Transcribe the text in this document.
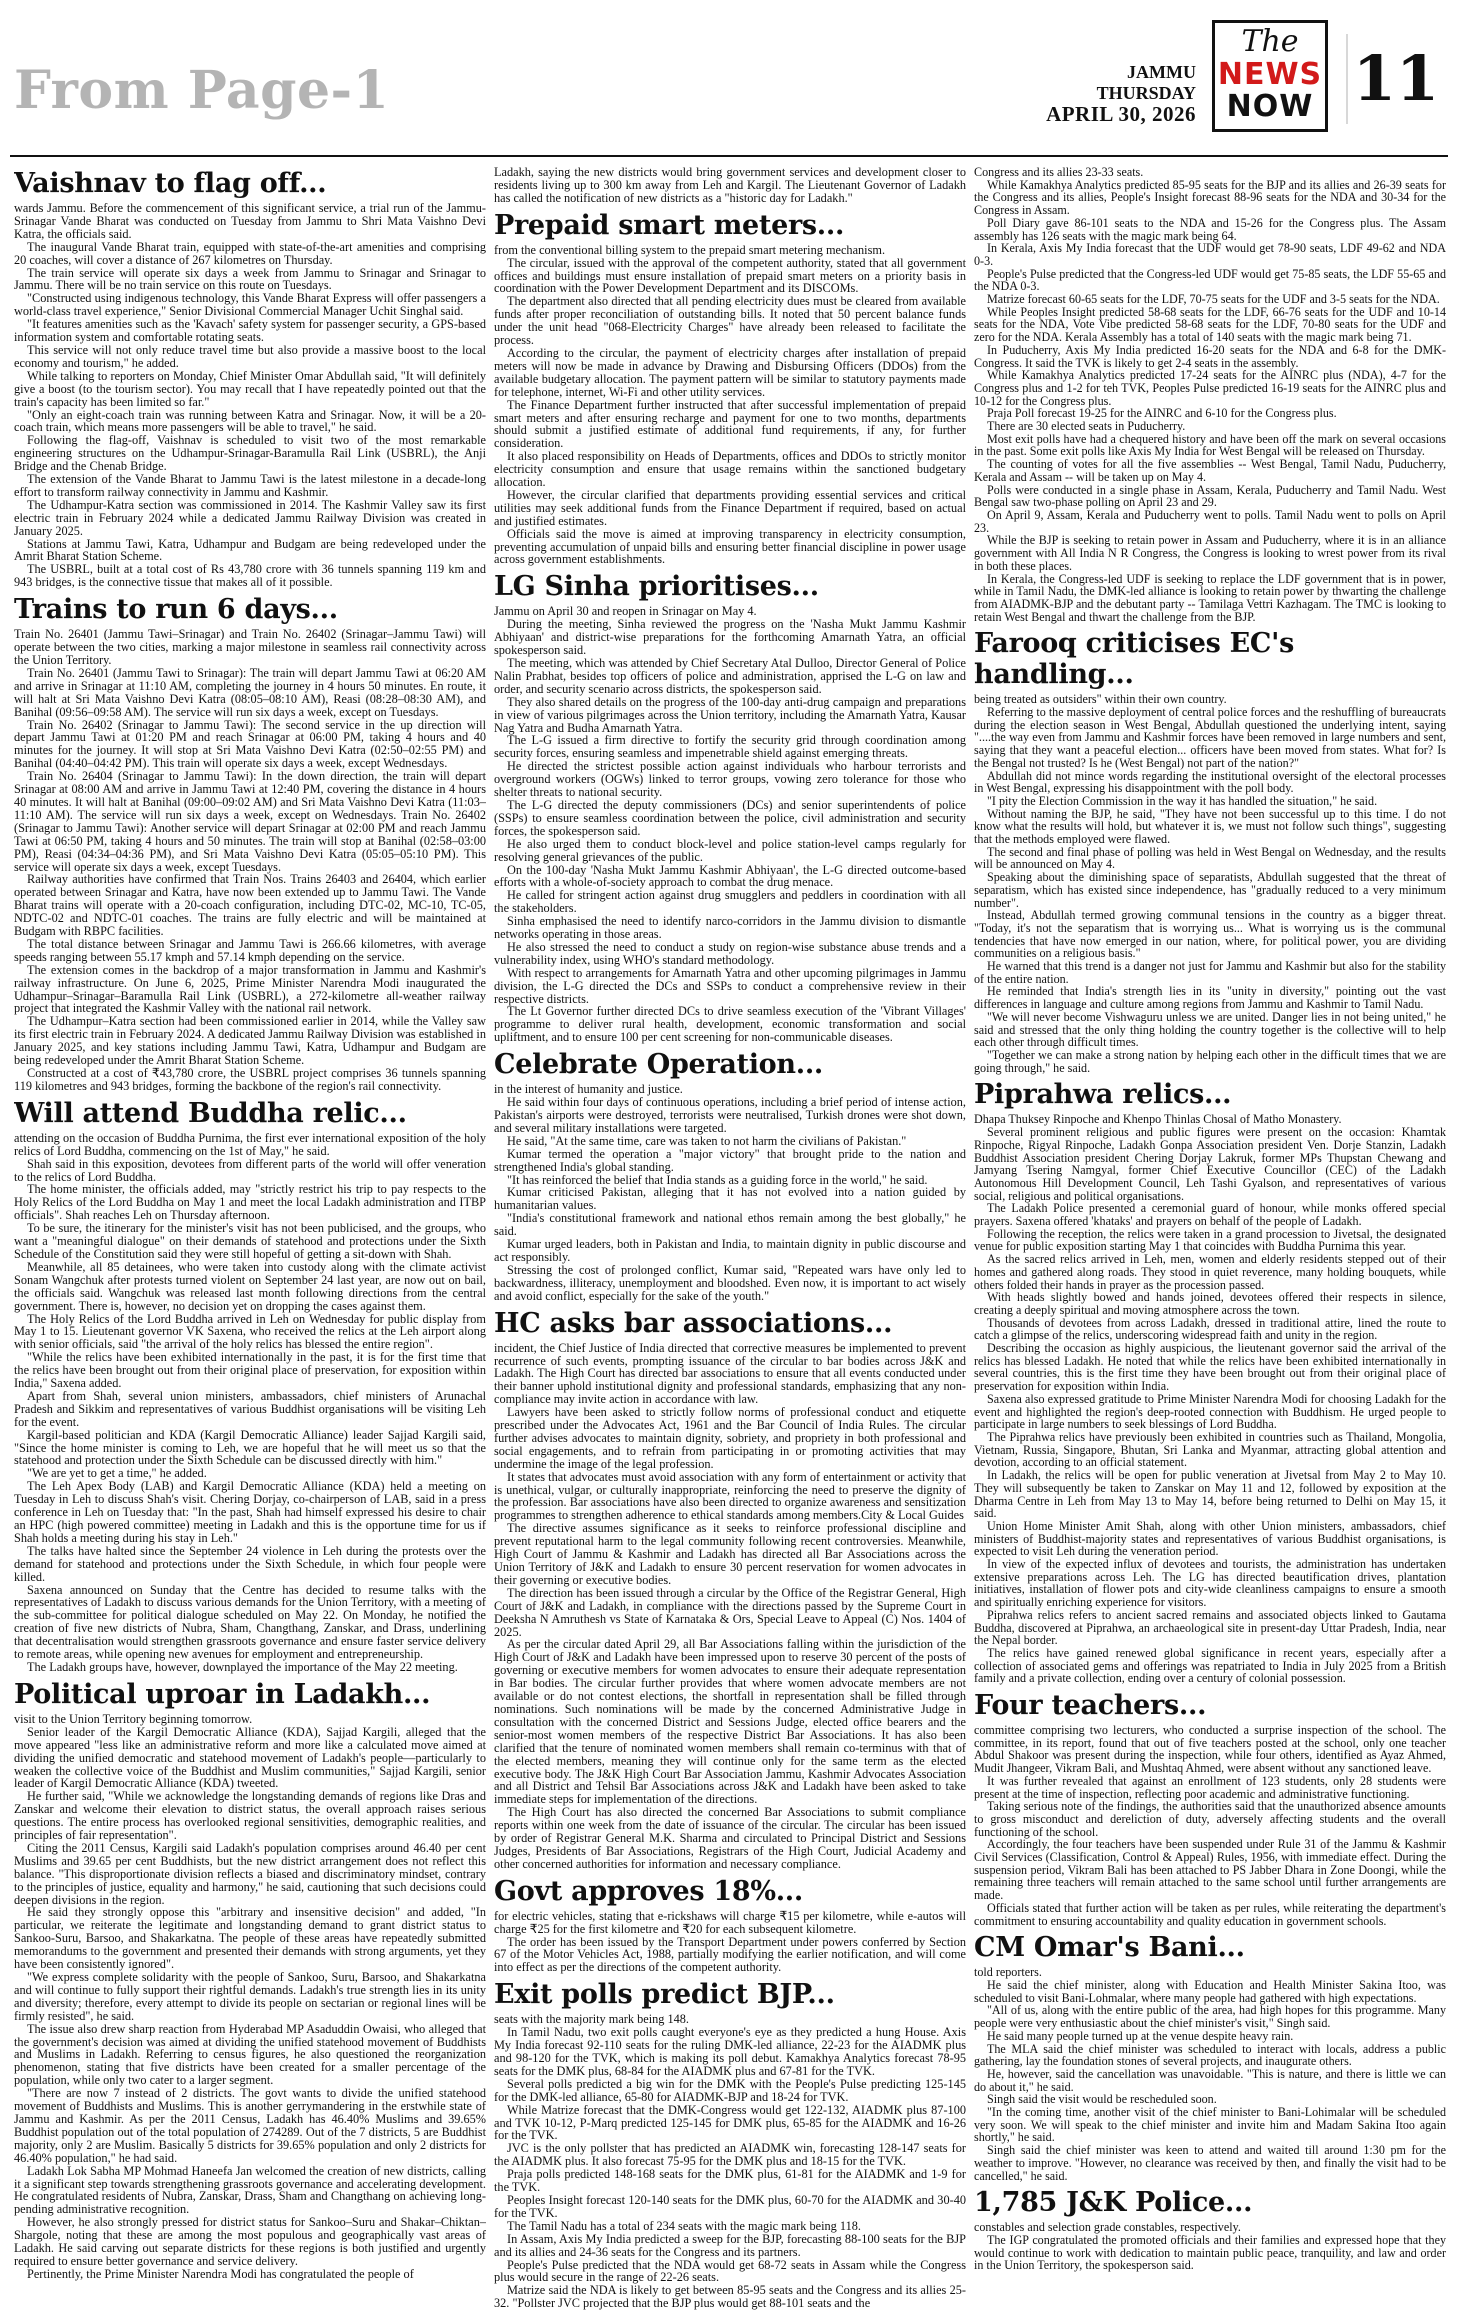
From Page-1	JAMMU
THURSDAY
APRIL 30, 2026
The
NEWS
NOW 11
Vaishnav to flag off...

wards Jammu. Before the commencement of this significant service, a trial run of the Jammu-Srinagar Vande Bharat was conducted on Tuesday from Jammu to Shri Mata Vaishno Devi Katra, the officials said.

The inaugural Vande Bharat train, equipped with state-of-the-art amenities and comprising 20 coaches, will cover a distance of 267 kilometres on Thursday.

The train service will operate six days a week from Jammu to Srinagar and Srinagar to Jammu. There will be no train service on this route on Tuesdays.

"Constructed using indigenous technology, this Vande Bharat Express will offer passengers a world-class travel experience," Senior Divisional Commercial Manager Uchit Singhal said.

"It features amenities such as the 'Kavach' safety system for passenger security, a GPS-based information system and comfortable rotating seats.

This service will not only reduce travel time but also provide a massive boost to the local economy and tourism," he added.

While talking to reporters on Monday, Chief Minister Omar Abdullah said, "It will definitely give a boost (to the tourism sector). You may recall that I have repeatedly pointed out that the train's capacity has been limited so far."

"Only an eight-coach train was running between Katra and Srinagar. Now, it will be a 20-coach train, which means more passengers will be able to travel," he said.

Following the flag-off, Vaishnav is scheduled to visit two of the most remarkable engineering structures on the Udhampur-Srinagar-Baramulla Rail Link (USBRL), the Anji Bridge and the Chenab Bridge.

The extension of the Vande Bharat to Jammu Tawi is the latest milestone in a decade-long effort to transform railway connectivity in Jammu and Kashmir.

The Udhampur-Katra section was commissioned in 2014. The Kashmir Valley saw its first electric train in February 2024 while a dedicated Jammu Railway Division was created in January 2025.

Stations at Jammu Tawi, Katra, Udhampur and Budgam are being redeveloped under the Amrit Bharat Station Scheme.

The USBRL, built at a total cost of Rs 43,780 crore with 36 tunnels spanning 119 km and 943 bridges, is the connective tissue that makes all of it possible.

Trains to run 6 days...

Train No. 26401 (Jammu Tawi–Srinagar) and Train No. 26402 (Srinagar–Jammu Tawi) will operate between the two cities, marking a major milestone in seamless rail connectivity across the Union Territory.

Train No. 26401 (Jammu Tawi to Srinagar): The train will depart Jammu Tawi at 06:20 AM and arrive in Srinagar at 11:10 AM, completing the journey in 4 hours 50 minutes. En route, it will halt at Sri Mata Vaishno Devi Katra (08:05–08:10 AM), Reasi (08:28–08:30 AM), and Banihal (09:56–09:58 AM). The service will run six days a week, except on Tuesdays.

Train No. 26402 (Srinagar to Jammu Tawi): The second service in the up direction will depart Jammu Tawi at 01:20 PM and reach Srinagar at 06:00 PM, taking 4 hours and 40 minutes for the journey. It will stop at Sri Mata Vaishno Devi Katra (02:50–02:55 PM) and Banihal (04:40–04:42 PM). This train will operate six days a week, except Wednesdays.

Train No. 26404 (Srinagar to Jammu Tawi): In the down direction, the train will depart Srinagar at 08:00 AM and arrive in Jammu Tawi at 12:40 PM, covering the distance in 4 hours 40 minutes. It will halt at Banihal (09:00–09:02 AM) and Sri Mata Vaishno Devi Katra (11:03–11:10 AM). The service will run six days a week, except on Wednesdays. Train No. 26402 (Srinagar to Jammu Tawi): Another service will depart Srinagar at 02:00 PM and reach Jammu Tawi at 06:50 PM, taking 4 hours and 50 minutes. The train will stop at Banihal (02:58–03:00 PM), Reasi (04:34–04:36 PM), and Sri Mata Vaishno Devi Katra (05:05–05:10 PM). This service will operate six days a week, except Tuesdays.

Railway authorities have confirmed that Train Nos. Trains 26403 and 26404, which earlier operated between Srinagar and Katra, have now been extended up to Jammu Tawi. The Vande Bharat trains will operate with a 20-coach configuration, including DTC-02, MC-10, TC-05, NDTC-02 and NDTC-01 coaches. The trains are fully electric and will be maintained at Budgam with RBPC facilities.

The total distance between Srinagar and Jammu Tawi is 266.66 kilometres, with average speeds ranging between 55.17 kmph and 57.14 kmph depending on the service.

The extension comes in the backdrop of a major transformation in Jammu and Kashmir's railway infrastructure. On June 6, 2025, Prime Minister Narendra Modi inaugurated the Udhampur–Srinagar–Baramulla Rail Link (USBRL), a 272-kilometre all-weather railway project that integrated the Kashmir Valley with the national rail network.

The Udhampur–Katra section had been commissioned earlier in 2014, while the Valley saw its first electric train in February 2024. A dedicated Jammu Railway Division was established in January 2025, and key stations including Jammu Tawi, Katra, Udhampur and Budgam are being redeveloped under the Amrit Bharat Station Scheme.

Constructed at a cost of ₹43,780 crore, the USBRL project comprises 36 tunnels spanning 119 kilometres and 943 bridges, forming the backbone of the region's rail connectivity.

Will attend Buddha relic...

attending on the occasion of Buddha Purnima, the first ever international exposition of the holy relics of Lord Buddha, commencing on the 1st of May," he said.

Shah said in this exposition, devotees from different parts of the world will offer veneration to the relics of Lord Buddha.

The home minister, the officials added, may "strictly restrict his trip to pay respects to the Holy Relics of the Lord Buddha on May 1 and meet the local Ladakh administration and ITBP officials". Shah reaches Leh on Thursday afternoon.

To be sure, the itinerary for the minister's visit has not been publicised, and the groups, who want a "meaningful dialogue" on their demands of statehood and protections under the Sixth Schedule of the Constitution said they were still hopeful of getting a sit-down with Shah.

Meanwhile, all 85 detainees, who were taken into custody along with the climate activist Sonam Wangchuk after protests turned violent on September 24 last year, are now out on bail, the officials said. Wangchuk was released last month following directions from the central government. There is, however, no decision yet on dropping the cases against them.

The Holy Relics of the Lord Buddha arrived in Leh on Wednesday for public display from May 1 to 15. Lieutenant governor VK Saxena, who received the relics at the Leh airport along with senior officials, said "the arrival of the holy relics has blessed the entire region".

"While the relics have been exhibited internationally in the past, it is for the first time that the relics have been brought out from their original place of preservation, for exposition within India," Saxena added.

Apart from Shah, several union ministers, ambassadors, chief ministers of Arunachal Pradesh and Sikkim and representatives of various Buddhist organisations will be visiting Leh for the event.

Kargil-based politician and KDA (Kargil Democratic Alliance) leader Sajjad Kargili said, "Since the home minister is coming to Leh, we are hopeful that he will meet us so that the statehood and protection under the Sixth Schedule can be discussed directly with him."

"We are yet to get a time," he added.

The Leh Apex Body (LAB) and Kargil Democratic Alliance (KDA) held a meeting on Tuesday in Leh to discuss Shah's visit. Chering Dorjay, co-chairperson of LAB, said in a press conference in Leh on Tuesday that: "In the past, Shah had himself expressed his desire to chair an HPC (high powered committee) meeting in Ladakh and this is the opportune time for us if Shah holds a meeting during his stay in Leh."

The talks have halted since the September 24 violence in Leh during the protests over the demand for statehood and protections under the Sixth Schedule, in which four people were killed.

Saxena announced on Sunday that the Centre has decided to resume talks with the representatives of Ladakh to discuss various demands for the Union Territory, with a meeting of the sub-committee for political dialogue scheduled on May 22. On Monday, he notified the creation of five new districts of Nubra, Sham, Changthang, Zanskar, and Drass, underlining that decentralisation would strengthen grassroots governance and ensure faster service delivery to remote areas, while opening new avenues for employment and entrepreneurship.

The Ladakh groups have, however, downplayed the importance of the May 22 meeting.

Political uproar in Ladakh...

visit to the Union Territory beginning tomorrow.

Senior leader of the Kargil Democratic Alliance (KDA), Sajjad Kargili, alleged that the move appeared "less like an administrative reform and more like a calculated move aimed at dividing the unified democratic and statehood movement of Ladakh's people—particularly to weaken the collective voice of the Buddhist and Muslim communities," Sajjad Kargili, senior leader of Kargil Democratic Alliance (KDA) tweeted.

He further said, "While we acknowledge the longstanding demands of regions like Dras and Zanskar and welcome their elevation to district status, the overall approach raises serious questions. The entire process has overlooked regional sensitivities, demographic realities, and principles of fair representation".

Citing the 2011 Census, Kargili said Ladakh's population comprises around 46.40 per cent Muslims and 39.65 per cent Buddhists, but the new district arrangement does not reflect this balance. "This disproportionate division reflects a biased and discriminatory mindset, contrary to the principles of justice, equality and harmony," he said, cautioning that such decisions could deepen divisions in the region.

He said they strongly oppose this "arbitrary and insensitive decision" and added, "In particular, we reiterate the legitimate and longstanding demand to grant district status to Sankoo-Suru, Barsoo, and Shakarkatna. The people of these areas have repeatedly submitted memorandums to the government and presented their demands with strong arguments, yet they have been consistently ignored".

"We express complete solidarity with the people of Sankoo, Suru, Barsoo, and Shakarkatna and will continue to fully support their rightful demands. Ladakh's true strength lies in its unity and diversity; therefore, every attempt to divide its people on sectarian or regional lines will be firmly resisted", he said.

The issue also drew sharp reaction from Hyderabad MP Asaduddin Owaisi, who alleged that the government's decision was aimed at dividing the unified statehood movement of Buddhists and Muslims in Ladakh. Referring to census figures, he also questioned the reorganization phenomenon, stating that five districts have been created for a smaller percentage of the population, while only two cater to a larger segment.

"There are now 7 instead of 2 districts. The govt wants to divide the unified statehood movement of Buddhists and Muslims. This is another gerrymandering in the erstwhile state of Jammu and Kashmir. As per the 2011 Census, Ladakh has 46.40% Muslims and 39.65% Buddhist population out of the total population of 274289. Out of the 7 districts, 5 are Buddhist majority, only 2 are Muslim. Basically 5 districts for 39.65% population and only 2 districts for 46.40% population," he had said.

Ladakh Lok Sabha MP Mohmad Haneefa Jan welcomed the creation of new districts, calling it a significant step towards strengthening grassroots governance and accelerating development. He congratulated residents of Nubra, Zanskar, Drass, Sham and Changthang on achieving long-pending administrative recognition.

However, he also strongly pressed for district status for Sankoo–Suru and Shakar–Chiktan–Shargole, noting that these are among the most populous and geographically vast areas of Ladakh. He said carving out separate districts for these regions is both justified and urgently required to ensure better governance and service delivery.

Pertinently, the Prime Minister Narendra Modi has congratulated the people of

Ladakh, saying the new districts would bring government services and development closer to residents living up to 300 km away from Leh and Kargil. The Lieutenant Governor of Ladakh has called the notification of new districts as a "historic day for Ladakh."

Prepaid smart meters...

from the conventional billing system to the prepaid smart metering mechanism.

The circular, issued with the approval of the competent authority, stated that all government offices and buildings must ensure installation of prepaid smart meters on a priority basis in coordination with the Power Development Department and its DISCOMs.

The department also directed that all pending electricity dues must be cleared from available funds after proper reconciliation of outstanding bills. It noted that 50 percent balance funds under the unit head "068-Electricity Charges" have already been released to facilitate the process.

According to the circular, the payment of electricity charges after installation of prepaid meters will now be made in advance by Drawing and Disbursing Officers (DDOs) from the available budgetary allocation. The payment pattern will be similar to statutory payments made for telephone, internet, Wi-Fi and other utility services.

The Finance Department further instructed that after successful implementation of prepaid smart meters and after ensuring recharge and payment for one to two months, departments should submit a justified estimate of additional fund requirements, if any, for further consideration.

It also placed responsibility on Heads of Departments, offices and DDOs to strictly monitor electricity consumption and ensure that usage remains within the sanctioned budgetary allocation.

However, the circular clarified that departments providing essential services and critical utilities may seek additional funds from the Finance Department if required, based on actual and justified estimates.

Officials said the move is aimed at improving transparency in electricity consumption, preventing accumulation of unpaid bills and ensuring better financial discipline in power usage across government establishments.

LG Sinha prioritises...

Jammu on April 30 and reopen in Srinagar on May 4.

During the meeting, Sinha reviewed the progress on the 'Nasha Mukt Jammu Kashmir Abhiyaan' and district-wise preparations for the forthcoming Amarnath Yatra, an official spokesperson said.

The meeting, which was attended by Chief Secretary Atal Dulloo, Director General of Police Nalin Prabhat, besides top officers of police and administration, apprised the L-G on law and order, and security scenario across districts, the spokesperson said.

They also shared details on the progress of the 100-day anti-drug campaign and preparations in view of various pilgrimages across the Union territory, including the Amarnath Yatra, Kausar Nag Yatra and Budha Amarnath Yatra.

The L-G issued a firm directive to fortify the security grid through coordination among security forces, ensuring seamless and impenetrable shield against emerging threats.

He directed the strictest possible action against individuals who harbour terrorists and overground workers (OGWs) linked to terror groups, vowing zero tolerance for those who shelter threats to national security.

The L-G directed the deputy commissioners (DCs) and senior superintendents of police (SSPs) to ensure seamless coordination between the police, civil administration and security forces, the spokesperson said.

He also urged them to conduct block-level and police station-level camps regularly for resolving general grievances of the public.

On the 100-day 'Nasha Mukt Jammu Kashmir Abhiyaan', the L-G directed outcome-based efforts with a whole-of-society approach to combat the drug menace.

He called for stringent action against drug smugglers and peddlers in coordination with all the stakeholders.

Sinha emphasised the need to identify narco-corridors in the Jammu division to dismantle networks operating in those areas.

He also stressed the need to conduct a study on region-wise substance abuse trends and a vulnerability index, using WHO's standard methodology.

With respect to arrangements for Amarnath Yatra and other upcoming pilgrimages in Jammu division, the L-G directed the DCs and SSPs to conduct a comprehensive review in their respective districts.

The Lt Governor further directed DCs to drive seamless execution of the 'Vibrant Villages' programme to deliver rural health, development, economic transformation and social upliftment, and to ensure 100 per cent screening for non-communicable diseases.

Celebrate Operation...

in the interest of humanity and justice.

He said within four days of continuous operations, including a brief period of intense action, Pakistan's airports were destroyed, terrorists were neutralised, Turkish drones were shot down, and several military installations were targeted.

He said, "At the same time, care was taken to not harm the civilians of Pakistan."

Kumar termed the operation a "major victory" that brought pride to the nation and strengthened India's global standing.

"It has reinforced the belief that India stands as a guiding force in the world," he said.

Kumar criticised Pakistan, alleging that it has not evolved into a nation guided by humanitarian values.

"India's constitutional framework and national ethos remain among the best globally," he said.

Kumar urged leaders, both in Pakistan and India, to maintain dignity in public discourse and act responsibly.

Stressing the cost of prolonged conflict, Kumar said, "Repeated wars have only led to backwardness, illiteracy, unemployment and bloodshed. Even now, it is important to act wisely and avoid conflict, especially for the sake of the youth."

HC asks bar associations...

incident, the Chief Justice of India directed that corrective measures be implemented to prevent recurrence of such events, prompting issuance of the circular to bar bodies across J&K and Ladakh. The High Court has directed bar associations to ensure that all events conducted under their banner uphold institutional dignity and professional standards, emphasizing that any non-compliance may invite action in accordance with law.

Lawyers have been asked to strictly follow norms of professional conduct and etiquette prescribed under the Advocates Act, 1961 and the Bar Council of India Rules. The circular further advises advocates to maintain dignity, sobriety, and propriety in both professional and social engagements, and to refrain from participating in or promoting activities that may undermine the image of the legal profession.

It states that advocates must avoid association with any form of entertainment or activity that is unethical, vulgar, or culturally inappropriate, reinforcing the need to preserve the dignity of the profession. Bar associations have also been directed to organize awareness and sensitization programmes to strengthen adherence to ethical standards among members.City & Local Guides

The directive assumes significance as it seeks to reinforce professional discipline and prevent reputational harm to the legal community following recent controversies. Meanwhile, High Court of Jammu & Kashmir and Ladakh has directed all Bar Associations across the Union Territory of J&K and Ladakh to ensure 30 percent reservation for women advocates in their governing or executive bodies.

The direction has been issued through a circular by the Office of the Registrar General, High Court of J&K and Ladakh, in compliance with the directions passed by the Supreme Court in Deeksha N Amruthesh vs State of Karnataka & Ors, Special Leave to Appeal (C) Nos. 1404 of 2025.

As per the circular dated April 29, all Bar Associations falling within the jurisdiction of the High Court of J&K and Ladakh have been impressed upon to reserve 30 percent of the posts of governing or executive members for women advocates to ensure their adequate representation in Bar bodies. The circular further provides that where women advocate members are not available or do not contest elections, the shortfall in representation shall be filled through nominations. Such nominations will be made by the concerned Administrative Judge in consultation with the concerned District and Sessions Judge, elected office bearers and the senior-most women members of the respective District Bar Associations. It has also been clarified that the tenure of nominated women members shall remain co-terminus with that of the elected members, meaning they will continue only for the same term as the elected executive body. The J&K High Court Bar Association Jammu, Kashmir Advocates Association and all District and Tehsil Bar Associations across J&K and Ladakh have been asked to take immediate steps for implementation of the directions.

The High Court has also directed the concerned Bar Associations to submit compliance reports within one week from the date of issuance of the circular. The circular has been issued by order of Registrar General M.K. Sharma and circulated to Principal District and Sessions Judges, Presidents of Bar Associations, Registrars of the High Court, Judicial Academy and other concerned authorities for information and necessary compliance.

Govt approves 18%...

for electric vehicles, stating that e-rickshaws will charge ₹15 per kilometre, while e-autos will charge ₹25 for the first kilometre and ₹20 for each subsequent kilometre.

The order has been issued by the Transport Department under powers conferred by Section 67 of the Motor Vehicles Act, 1988, partially modifying the earlier notification, and will come into effect as per the directions of the competent authority.

Exit polls predict BJP...

seats with the majority mark being 148.

In Tamil Nadu, two exit polls caught everyone's eye as they predicted a hung House. Axis My India forecast 92-110 seats for the ruling DMK-led alliance, 22-23 for the AIADMK plus and 98-120 for the TVK, which is making its poll debut. Kamakhya Analytics forecast 78-95 seats for the DMK plus, 68-84 for the AIADMK plus and 67-81 for the TVK.

Several polls predicted a big win for the DMK with the People's Pulse predicting 125-145 for the DMK-led alliance, 65-80 for AIADMK-BJP and 18-24 for TVK.

While Matrize forecast that the DMK-Congress would get 122-132, AIADMK plus 87-100 and TVK 10-12, P-Marq predicted 125-145 for DMK plus, 65-85 for the AIADMK and 16-26 for the TVK.

JVC is the only pollster that has predicted an AIADMK win, forecasting 128-147 seats for the AIADMK plus. It also forecast 75-95 for the DMK plus and 18-15 for the TVK.

Praja polls predicted 148-168 seats for the DMK plus, 61-81 for the AIADMK and 1-9 for the TVK.

Peoples Insight forecast 120-140 seats for the DMK plus, 60-70 for the AIADMK and 30-40 for the TVK.

The Tamil Nadu has a total of 234 seats with the magic mark being 118.

In Assam, Axis My India predicted a sweep for the BJP, forecasting 88-100 seats for the BJP and its allies and 24-36 seats for the Congress and its partners.

People's Pulse predicted that the NDA would get 68-72 seats in Assam while the Congress plus would secure in the range of 22-26 seats.

Matrize said the NDA is likely to get between 85-95 seats and the Congress and its allies 25-32. "Pollster JVC projected that the BJP plus would get 88-101 seats and the

Congress and its allies 23-33 seats.

While Kamakhya Analytics predicted 85-95 seats for the BJP and its allies and 26-39 seats for the Congress and its allies, People's Insight forecast 88-96 seats for the NDA and 30-34 for the Congress in Assam.

Poll Diary gave 86-101 seats to the NDA and 15-26 for the Congress plus. The Assam assembly has 126 seats with the magic mark being 64.

In Kerala, Axis My India forecast that the UDF would get 78-90 seats, LDF 49-62 and NDA 0-3.

People's Pulse predicted that the Congress-led UDF would get 75-85 seats, the LDF 55-65 and the NDA 0-3.

Matrize forecast 60-65 seats for the LDF, 70-75 seats for the UDF and 3-5 seats for the NDA.

While Peoples Insight predicted 58-68 seats for the LDF, 66-76 seats for the UDF and 10-14 seats for the NDA, Vote Vibe predicted 58-68 seats for the LDF, 70-80 seats for the UDF and zero for the NDA. Kerala Assembly has a total of 140 seats with the magic mark being 71.

In Puducherry, Axis My India predicted 16-20 seats for the NDA and 6-8 for the DMK-Congress. It said the TVK is likely to get 2-4 seats in the assembly.

While Kamakhya Analytics predicted 17-24 seats for the AINRC plus (NDA), 4-7 for the Congress plus and 1-2 for teh TVK, Peoples Pulse predicted 16-19 seats for the AINRC plus and 10-12 for the Congress plus.

Praja Poll forecast 19-25 for the AINRC and 6-10 for the Congress plus.

There are 30 elected seats in Puducherry.

Most exit polls have had a chequered history and have been off the mark on several occasions in the past. Some exit polls like Axis My India for West Bengal will be released on Thursday.

The counting of votes for all the five assemblies -- West Bengal, Tamil Nadu, Puducherry, Kerala and Assam -- will be taken up on May 4.

Polls were conducted in a single phase in Assam, Kerala, Puducherry and Tamil Nadu. West Bengal saw two-phase polling on April 23 and 29.

On April 9, Assam, Kerala and Puducherry went to polls. Tamil Nadu went to polls on April 23.

While the BJP is seeking to retain power in Assam and Puducherry, where it is in an alliance government with All India N R Congress, the Congress is looking to wrest power from its rival in both these places.

In Kerala, the Congress-led UDF is seeking to replace the LDF government that is in power, while in Tamil Nadu, the DMK-led alliance is looking to retain power by thwarting the challenge from AIADMK-BJP and the debutant party -- Tamilaga Vettri Kazhagam. The TMC is looking to retain West Bengal and thwart the challenge from the BJP.

Farooq criticises EC's handling...

being treated as outsiders" within their own country.

Referring to the massive deployment of central police forces and the reshuffling of bureaucrats during the election season in West Bengal, Abdullah questioned the underlying intent, saying "....the way even from Jammu and Kashmir forces have been removed in large numbers and sent, saying that they want a peaceful election... officers have been moved from states. What for? Is the Bengal not trusted? Is he (West Bengal) not part of the nation?"

Abdullah did not mince words regarding the institutional oversight of the electoral processes in West Bengal, expressing his disappointment with the poll body.

"I pity the Election Commission in the way it has handled the situation," he said.

Without naming the BJP, he said, "They have not been successful up to this time. I do not know what the results will hold, but whatever it is, we must not follow such things", suggesting that the methods employed were flawed.

The second and final phase of polling was held in West Bengal on Wednesday, and the results will be announced on May 4.

Speaking about the diminishing space of separatists, Abdullah suggested that the threat of separatism, which has existed since independence, has "gradually reduced to a very minimum number".

Instead, Abdullah termed growing communal tensions in the country as a bigger threat. "Today, it's not the separatism that is worrying us... What is worrying us is the communal tendencies that have now emerged in our nation, where, for political power, you are dividing communities on a religious basis."

He warned that this trend is a danger not just for Jammu and Kashmir but also for the stability of the entire nation.

He reminded that India's strength lies in its "unity in diversity," pointing out the vast differences in language and culture among regions from Jammu and Kashmir to Tamil Nadu.

"We will never become Vishwaguru unless we are united. Danger lies in not being united," he said and stressed that the only thing holding the country together is the collective will to help each other through difficult times.

"Together we can make a strong nation by helping each other in the difficult times that we are going through," he said.

Piprahwa relics...

Dhapa Thuksey Rinpoche and Khenpo Thinlas Chosal of Matho Monastery.

Several prominent religious and public figures were present on the occasion: Khamtak Rinpoche, Rigyal Rinpoche, Ladakh Gonpa Association president Ven. Dorje Stanzin, Ladakh Buddhist Association president Chering Dorjay Lakruk, former MPs Thupstan Chewang and Jamyang Tsering Namgyal, former Chief Executive Councillor (CEC) of the Ladakh Autonomous Hill Development Council, Leh Tashi Gyalson, and representatives of various social, religious and political organisations.

The Ladakh Police presented a ceremonial guard of honour, while monks offered special prayers. Saxena offered 'khataks' and prayers on behalf of the people of Ladakh.

Following the reception, the relics were taken in a grand procession to Jivetsal, the designated venue for public exposition starting May 1 that coincides with Buddha Purnima this year.

As the sacred relics arrived in Leh, men, women and elderly residents stepped out of their homes and gathered along roads. They stood in quiet reverence, many holding bouquets, while others folded their hands in prayer as the procession passed.

With heads slightly bowed and hands joined, devotees offered their respects in silence, creating a deeply spiritual and moving atmosphere across the town.

Thousands of devotees from across Ladakh, dressed in traditional attire, lined the route to catch a glimpse of the relics, underscoring widespread faith and unity in the region.

Describing the occasion as highly auspicious, the lieutenant governor said the arrival of the relics has blessed Ladakh. He noted that while the relics have been exhibited internationally in several countries, this is the first time they have been brought out from their original place of preservation for exposition within India.

Saxena also expressed gratitude to Prime Minister Narendra Modi for choosing Ladakh for the event and highlighted the region's deep-rooted connection with Buddhism. He urged people to participate in large numbers to seek blessings of Lord Buddha.

The Piprahwa relics have previously been exhibited in countries such as Thailand, Mongolia, Vietnam, Russia, Singapore, Bhutan, Sri Lanka and Myanmar, attracting global attention and devotion, according to an official statement.

In Ladakh, the relics will be open for public veneration at Jivetsal from May 2 to May 10. They will subsequently be taken to Zanskar on May 11 and 12, followed by exposition at the Dharma Centre in Leh from May 13 to May 14, before being returned to Delhi on May 15, it said.

Union Home Minister Amit Shah, along with other Union ministers, ambassadors, chief ministers of Buddhist-majority states and representatives of various Buddhist organisations, is expected to visit Leh during the veneration period.

In view of the expected influx of devotees and tourists, the administration has undertaken extensive preparations across Leh. The LG has directed beautification drives, plantation initiatives, installation of flower pots and city-wide cleanliness campaigns to ensure a smooth and spiritually enriching experience for visitors.

Piprahwa relics refers to ancient sacred remains and associated objects linked to Gautama Buddha, discovered at Piprahwa, an archaeological site in present-day Uttar Pradesh, India, near the Nepal border.

The relics have gained renewed global significance in recent years, especially after a collection of associated gems and offerings was repatriated to India in July 2025 from a British family and a private collection, ending over a century of colonial possession.

Four teachers...

committee comprising two lecturers, who conducted a surprise inspection of the school. The committee, in its report, found that out of five teachers posted at the school, only one teacher Abdul Shakoor was present during the inspection, while four others, identified as Ayaz Ahmed, Mudit Jhangeer, Vikram Bali, and Mushtaq Ahmed, were absent without any sanctioned leave.

It was further revealed that against an enrollment of 123 students, only 28 students were present at the time of inspection, reflecting poor academic and administrative functioning.

Taking serious note of the findings, the authorities said that the unauthorized absence amounts to gross misconduct and dereliction of duty, adversely affecting students and the overall functioning of the school.

Accordingly, the four teachers have been suspended under Rule 31 of the Jammu & Kashmir Civil Services (Classification, Control & Appeal) Rules, 1956, with immediate effect. During the suspension period, Vikram Bali has been attached to PS Jabber Dhara in Zone Doongi, while the remaining three teachers will remain attached to the same school until further arrangements are made.

Officials stated that further action will be taken as per rules, while reiterating the department's commitment to ensuring accountability and quality education in government schools.

CM Omar's Bani...

told reporters.

He said the chief minister, along with Education and Health Minister Sakina Itoo, was scheduled to visit Bani-Lohmalar, where many people had gathered with high expectations.

"All of us, along with the entire public of the area, had high hopes for this programme. Many people were very enthusiastic about the chief minister's visit," Singh said.

He said many people turned up at the venue despite heavy rain.

The MLA said the chief minister was scheduled to interact with locals, address a public gathering, lay the foundation stones of several projects, and inaugurate others.

He, however, said the cancellation was unavoidable. "This is nature, and there is little we can do about it," he said.

Singh said the visit would be rescheduled soon.

"In the coming time, another visit of the chief minister to Bani-Lohimalar will be scheduled very soon. We will speak to the chief minister and invite him and Madam Sakina Itoo again shortly," he said.

Singh said the chief minister was keen to attend and waited till around 1:30 pm for the weather to improve. "However, no clearance was received by then, and finally the visit had to be cancelled," he said.

1,785 J&K Police...

constables and selection grade constables, respectively.

The IGP congratulated the promoted officials and their families and expressed hope that they would continue to work with dedication to maintain public peace, tranquility, and law and order in the Union Territory, the spokesperson said.
